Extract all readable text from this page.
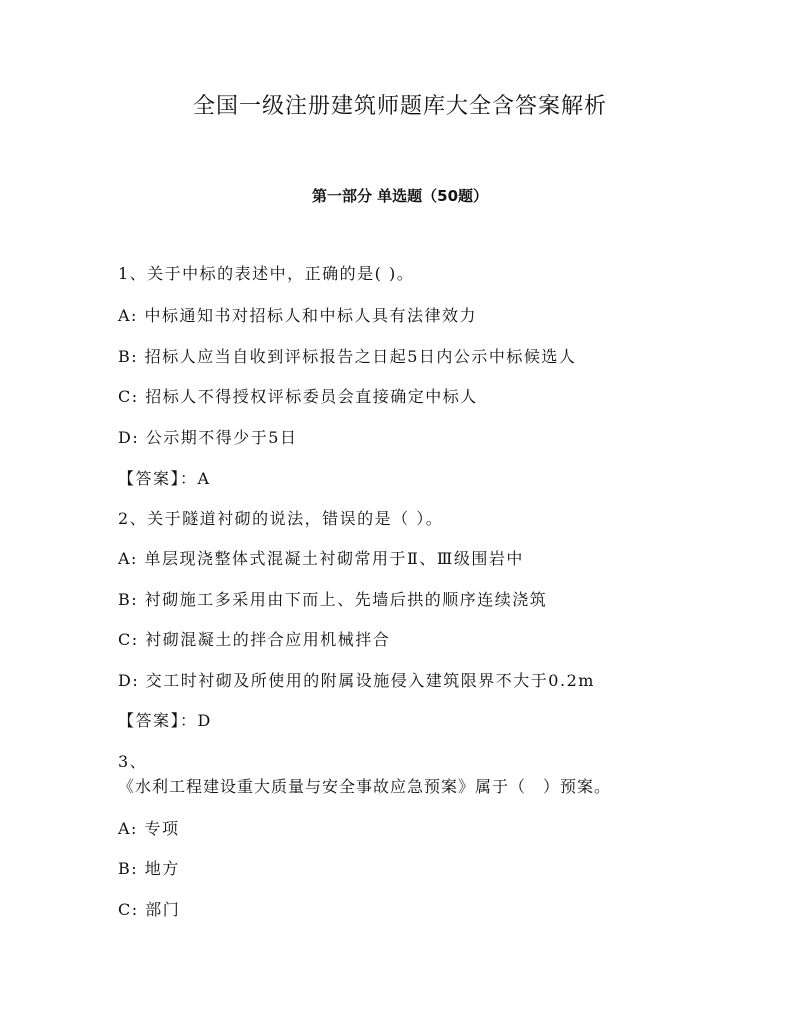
全国一级注册建筑师题库大全含答案解析
第一部分 单选题（50题）
1、关于中标的表述中，正确的是( )。
A: 中标通知书对招标人和中标人具有法律效力
B: 招标人应当自收到评标报告之日起5日内公示中标候选人
C: 招标人不得授权评标委员会直接确定中标人
D: 公示期不得少于5日
【答案】：A
2、关于隧道衬砌的说法，错误的是（ ）。
A: 单层现浇整体式混凝土衬砌常用于Ⅱ、Ⅲ级围岩中
B: 衬砌施工多采用由下而上、先墙后拱的顺序连续浇筑
C: 衬砌混凝土的拌合应用机械拌合
D: 交工时衬砌及所使用的附属设施侵入建筑限界不大于0.2m
【答案】：D
3、
《水利工程建设重大质量与安全事故应急预案》属于（　）预案。
A: 专项
B: 地方
C: 部门
